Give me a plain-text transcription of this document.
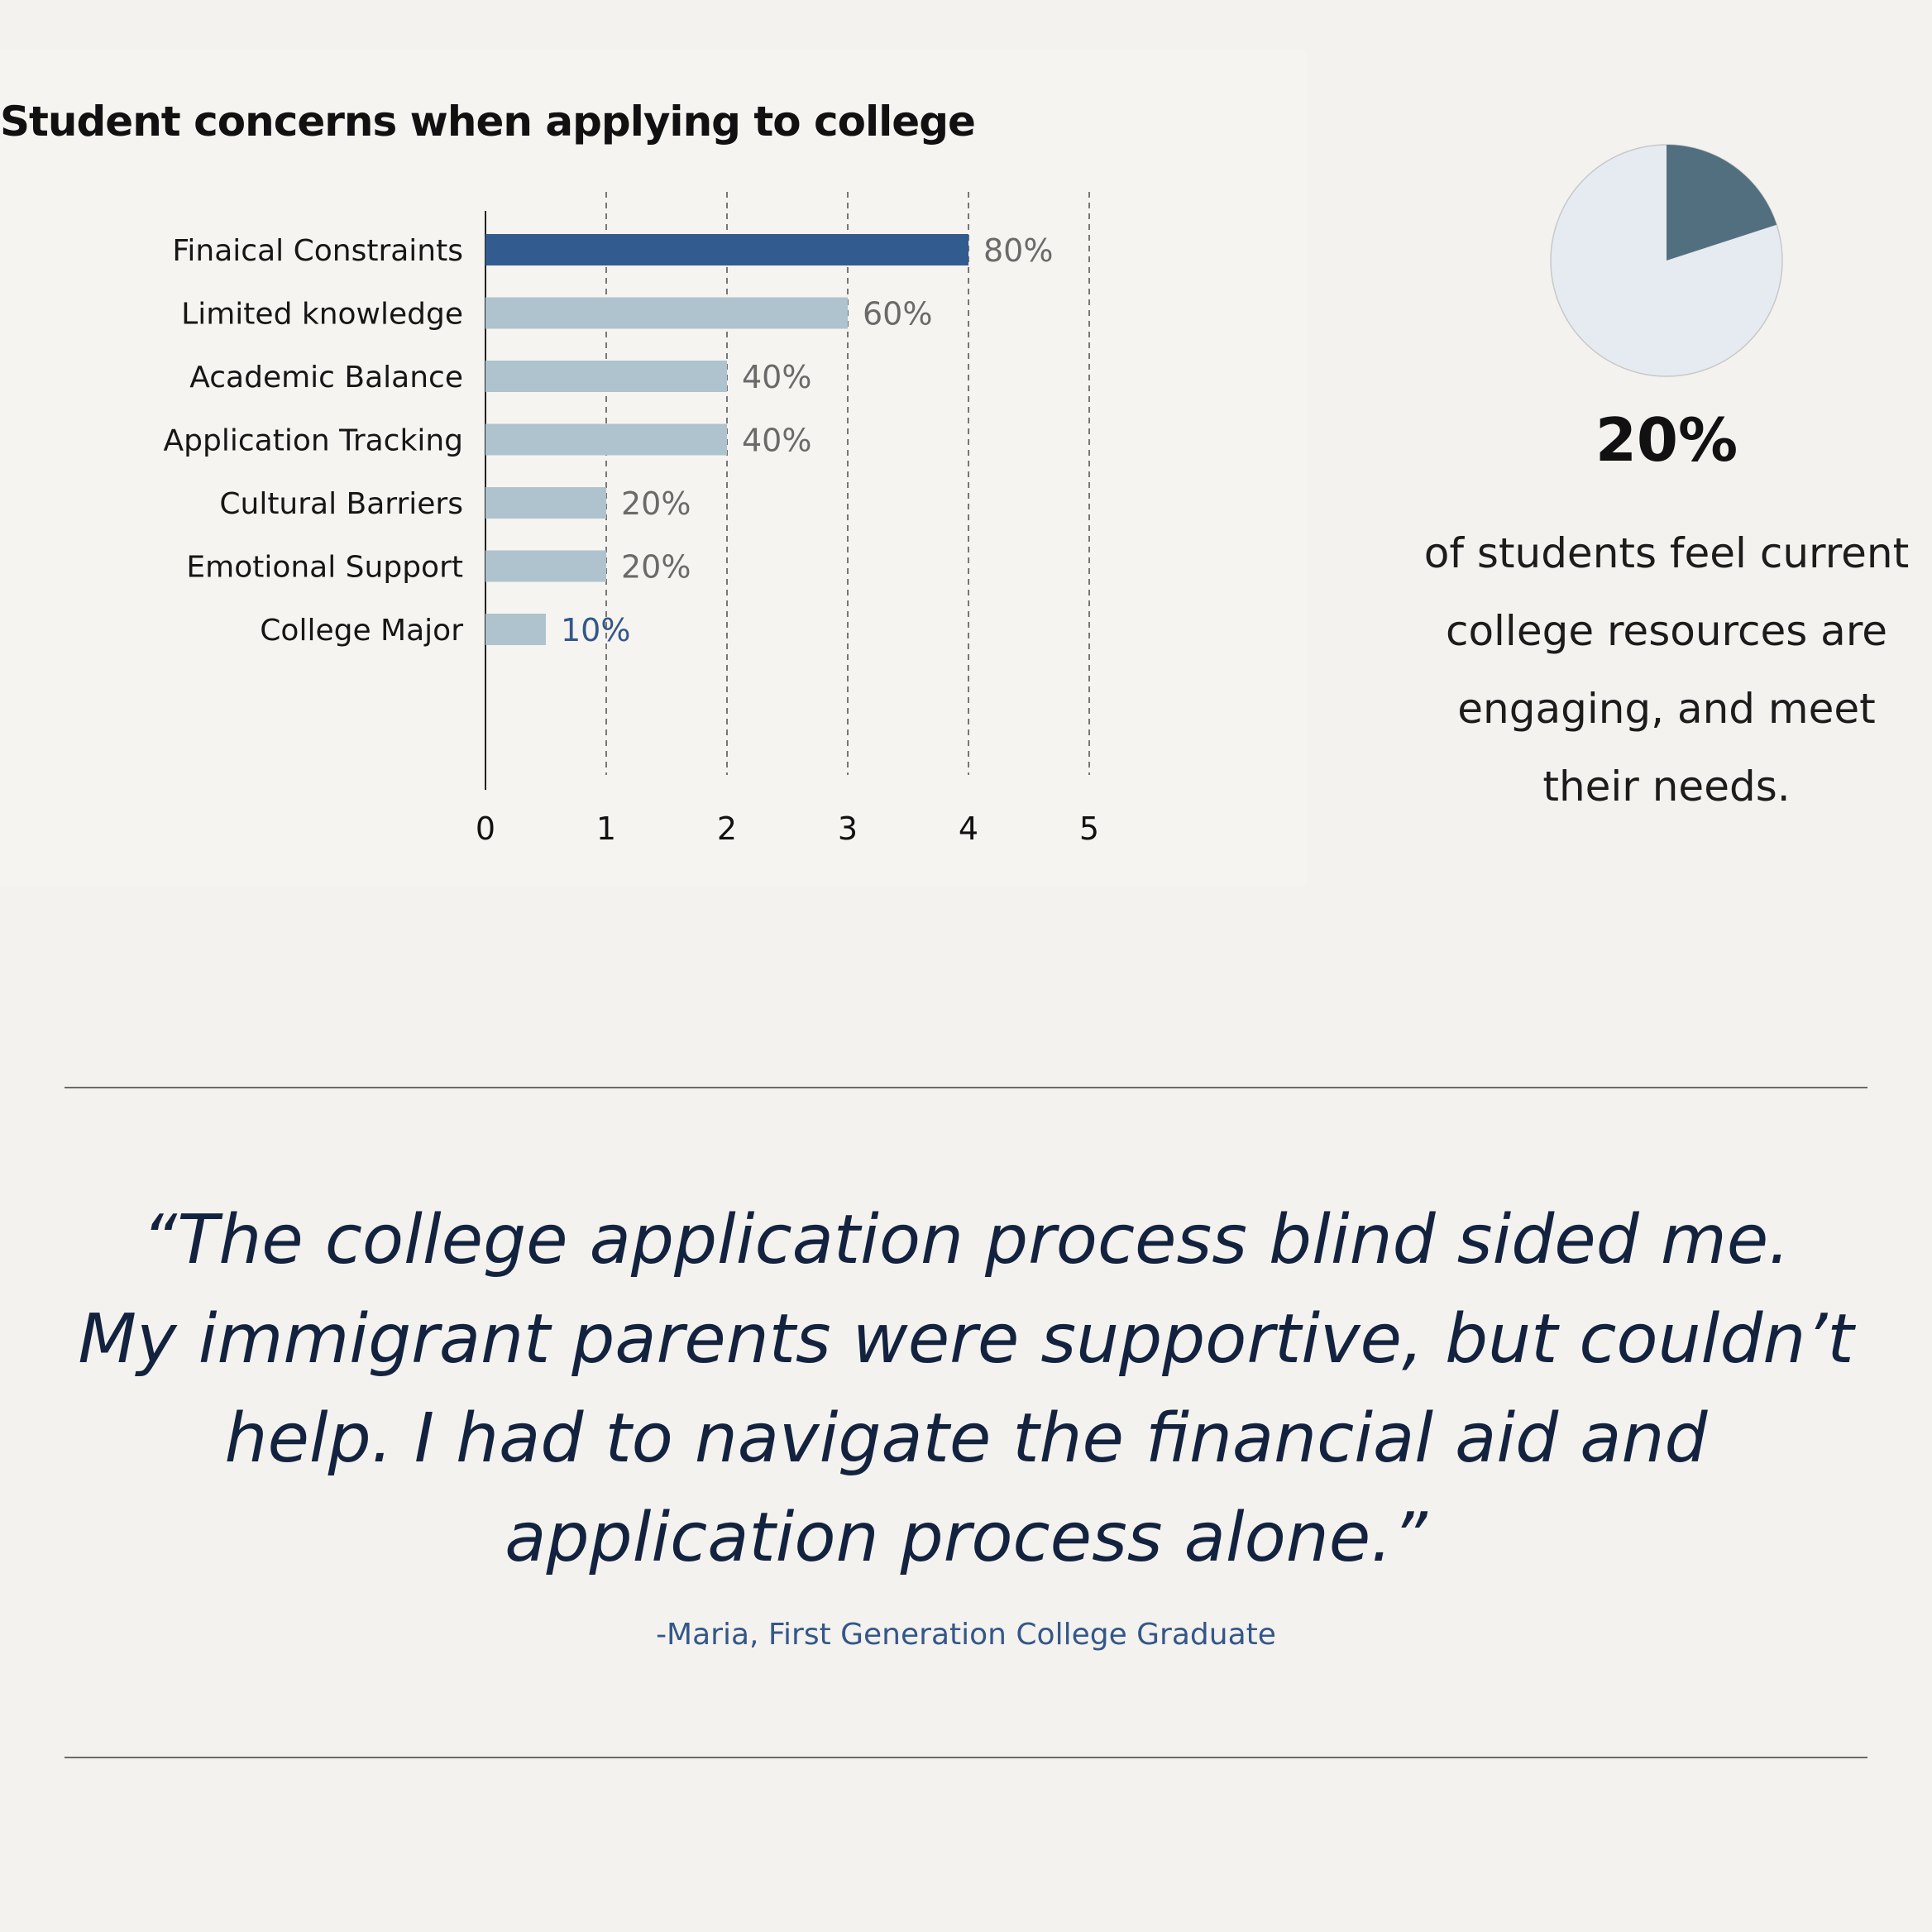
Student concerns when applying to college
0	1	2	3	4	5
Finaical Constraints	80%
Limited knowledge	60%
Academic Balance	40%
Application Tracking	40%
Cultural Barriers	20%
Emotional Support	20%
College Major	10%
20%
of students feel current
college resources are
engaging, and meet
their needs.
“The college application process blind sided me.
My immigrant parents were supportive, but couldn’t
help. I had to navigate the financial aid and
application process alone.”
-Maria, First Generation College Graduate
